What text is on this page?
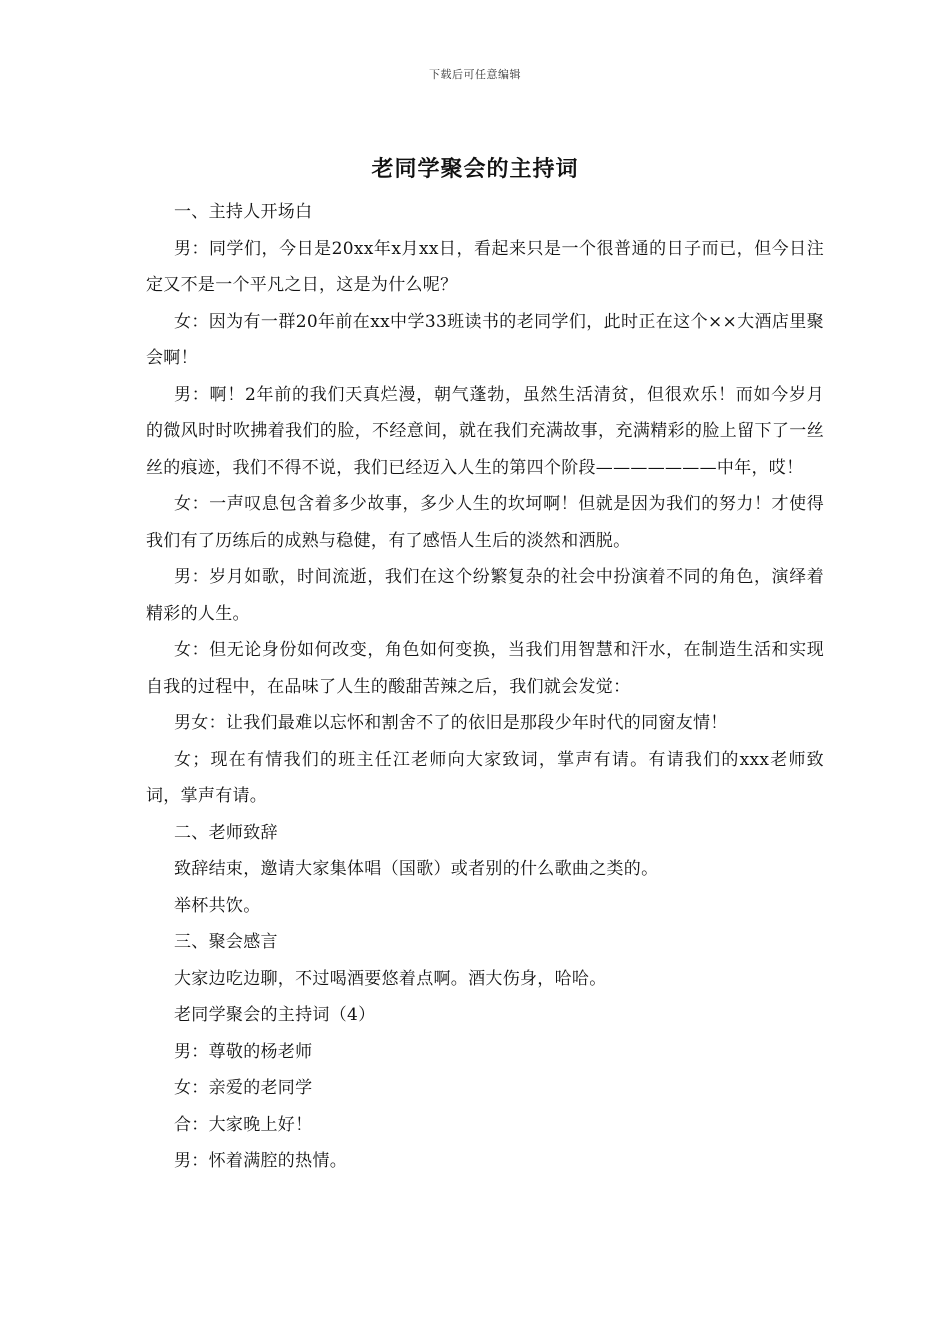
下载后可任意编辑
老同学聚会的主持词

一、主持人开场白

男：同学们，今日是20xx年x月xx日，看起来只是一个很普通的日子而已，但今日注定又不是一个平凡之日，这是为什么呢？

女：因为有一群20年前在xx中学33班读书的老同学们，此时正在这个××大酒店里聚会啊！

男：啊！2年前的我们天真烂漫，朝气蓬勃，虽然生活清贫，但很欢乐！而如今岁月的微风时时吹拂着我们的脸，不经意间，就在我们充满故事，充满精彩的脸上留下了一丝丝的痕迹，我们不得不说，我们已经迈入人生的第四个阶段———————中年，哎！

女：一声叹息包含着多少故事，多少人生的坎坷啊！但就是因为我们的努力！才使得我们有了历练后的成熟与稳健，有了感悟人生后的淡然和洒脱。

男：岁月如歌，时间流逝，我们在这个纷繁复杂的社会中扮演着不同的角色，演绎着精彩的人生。

女：但无论身份如何改变，角色如何变换，当我们用智慧和汗水，在制造生活和实现自我的过程中，在品味了人生的酸甜苦辣之后，我们就会发觉：

男女：让我们最难以忘怀和割舍不了的依旧是那段少年时代的同窗友情！

女；现在有情我们的班主任江老师向大家致词，掌声有请。有请我们的xxx老师致词，掌声有请。

二、老师致辞

致辞结束，邀请大家集体唱（国歌）或者别的什么歌曲之类的。

举杯共饮。

三、聚会感言

大家边吃边聊，不过喝酒要悠着点啊。酒大伤身，哈哈。

老同学聚会的主持词（4）

男：尊敬的杨老师

女：亲爱的老同学

合：大家晚上好！

男：怀着满腔的热情。
